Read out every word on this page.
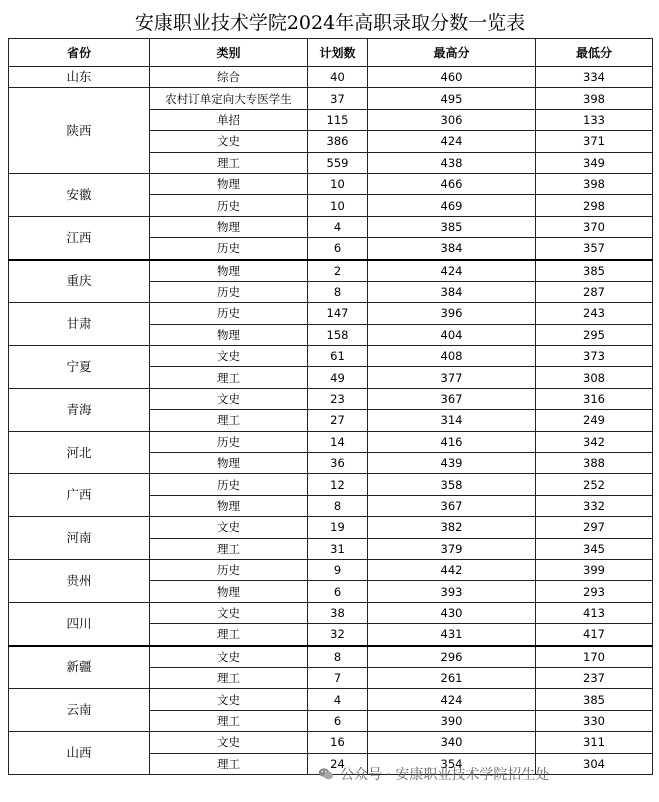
安康职业技术学院2024年高职录取分数一览表
省份	类别	计划数	最高分	最低分
山东	综合	40	460	334
陕西	农村订单定向大专医学生	37	495	398
	单招	115	306	133
	文史	386	424	371
	理工	559	438	349
安徽	物理	10	466	398
	历史	10	469	298
江西	物理	4	385	370
	历史	6	384	357
重庆	物理	2	424	385
	历史	8	384	287
甘肃	历史	147	396	243
	物理	158	404	295
宁夏	文史	61	408	373
	理工	49	377	308
青海	文史	23	367	316
	理工	27	314	249
河北	历史	14	416	342
	物理	36	439	388
广西	历史	12	358	252
	物理	8	367	332
河南	文史	19	382	297
	理工	31	379	345
贵州	历史	9	442	399
	物理	6	393	293
四川	文史	38	430	413
	理工	32	431	417
新疆	文史	8	296	170
	理工	7	261	237
云南	文史	4	424	385
	理工	6	390	330
山西	文史	16	340	311
	理工	24	354	304
公众号 · 安康职业技术学院招生处
